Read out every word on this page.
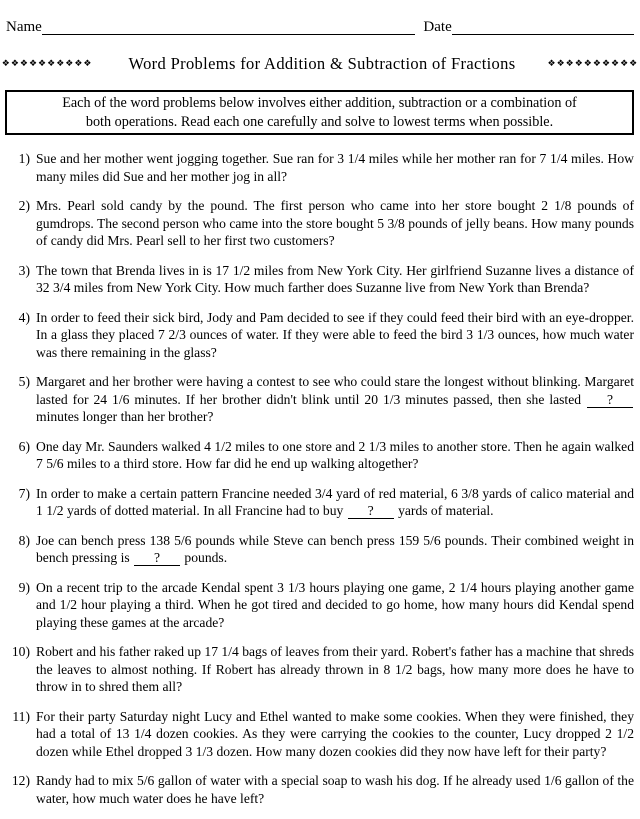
Name	Date
❖❖❖❖❖❖❖❖❖❖ Word Problems for Addition & Subtraction of Fractions	❖❖❖❖❖❖❖❖❖❖
Each of the word problems below involves either addition, subtraction or a combination of
both operations. Read each one carefully and solve to lowest terms when possible.
1) Sue and her mother went jogging together. Sue ran for 3 1/4 miles while her mother ran for 7 1/4 miles. How many miles did Sue and her mother jog in all?
2) Mrs. Pearl sold candy by the pound. The first person who came into her store bought 2 1/8 pounds of gumdrops. The second person who came into the store bought 5 3/8 pounds of jelly beans. How many pounds of candy did Mrs. Pearl sell to her first two customers?
3) The town that Brenda lives in is 17 1/2 miles from New York City. Her girlfriend Suzanne lives a distance of 32 3/4 miles from New York City. How much farther does Suzanne live from New York than Brenda?
4) In order to feed their sick bird, Jody and Pam decided to see if they could feed their bird with an eye-dropper. In a glass they placed 7 2/3 ounces of water. If they were able to feed the bird 3 1/3 ounces, how much water was there remaining in the glass?
5) Margaret and her brother were having a contest to see who could stare the longest without blinking. Margaret lasted for 24 1/6 minutes. If her brother didn't blink until 20 1/3 minutes passed, then she lasted ? minutes longer than her brother?
6) One day Mr. Saunders walked 4 1/2 miles to one store and 2 1/3 miles to another store. Then he again walked 7 5/6 miles to a third store. How far did he end up walking altogether?
7) In order to make a certain pattern Francine needed 3/4 yard of red material, 6 3/8 yards of calico material and 1 1/2 yards of dotted material. In all Francine had to buy ? yards of material.
8) Joe can bench press 138 5/6 pounds while Steve can bench press 159 5/6 pounds. Their combined weight in bench pressing is ? pounds.
9) On a recent trip to the arcade Kendal spent 3 1/3 hours playing one game, 2 1/4 hours playing another game and 1/2 hour playing a third. When he got tired and decided to go home, how many hours did Kendal spend playing these games at the arcade?
10) Robert and his father raked up 17 1/4 bags of leaves from their yard. Robert's father has a machine that shreds the leaves to almost nothing. If Robert has already thrown in 8 1/2 bags, how many more does he have to throw in to shred them all?
11) For their party Saturday night Lucy and Ethel wanted to make some cookies. When they were finished, they had a total of 13 1/4 dozen cookies. As they were carrying the cookies to the counter, Lucy dropped 2 1/2 dozen while Ethel dropped 3 1/3 dozen. How many dozen cookies did they now have left for their party?
12) Randy had to mix 5/6 gallon of water with a special soap to wash his dog. If he already used 1/6 gallon of the water, how much water does he have left?
